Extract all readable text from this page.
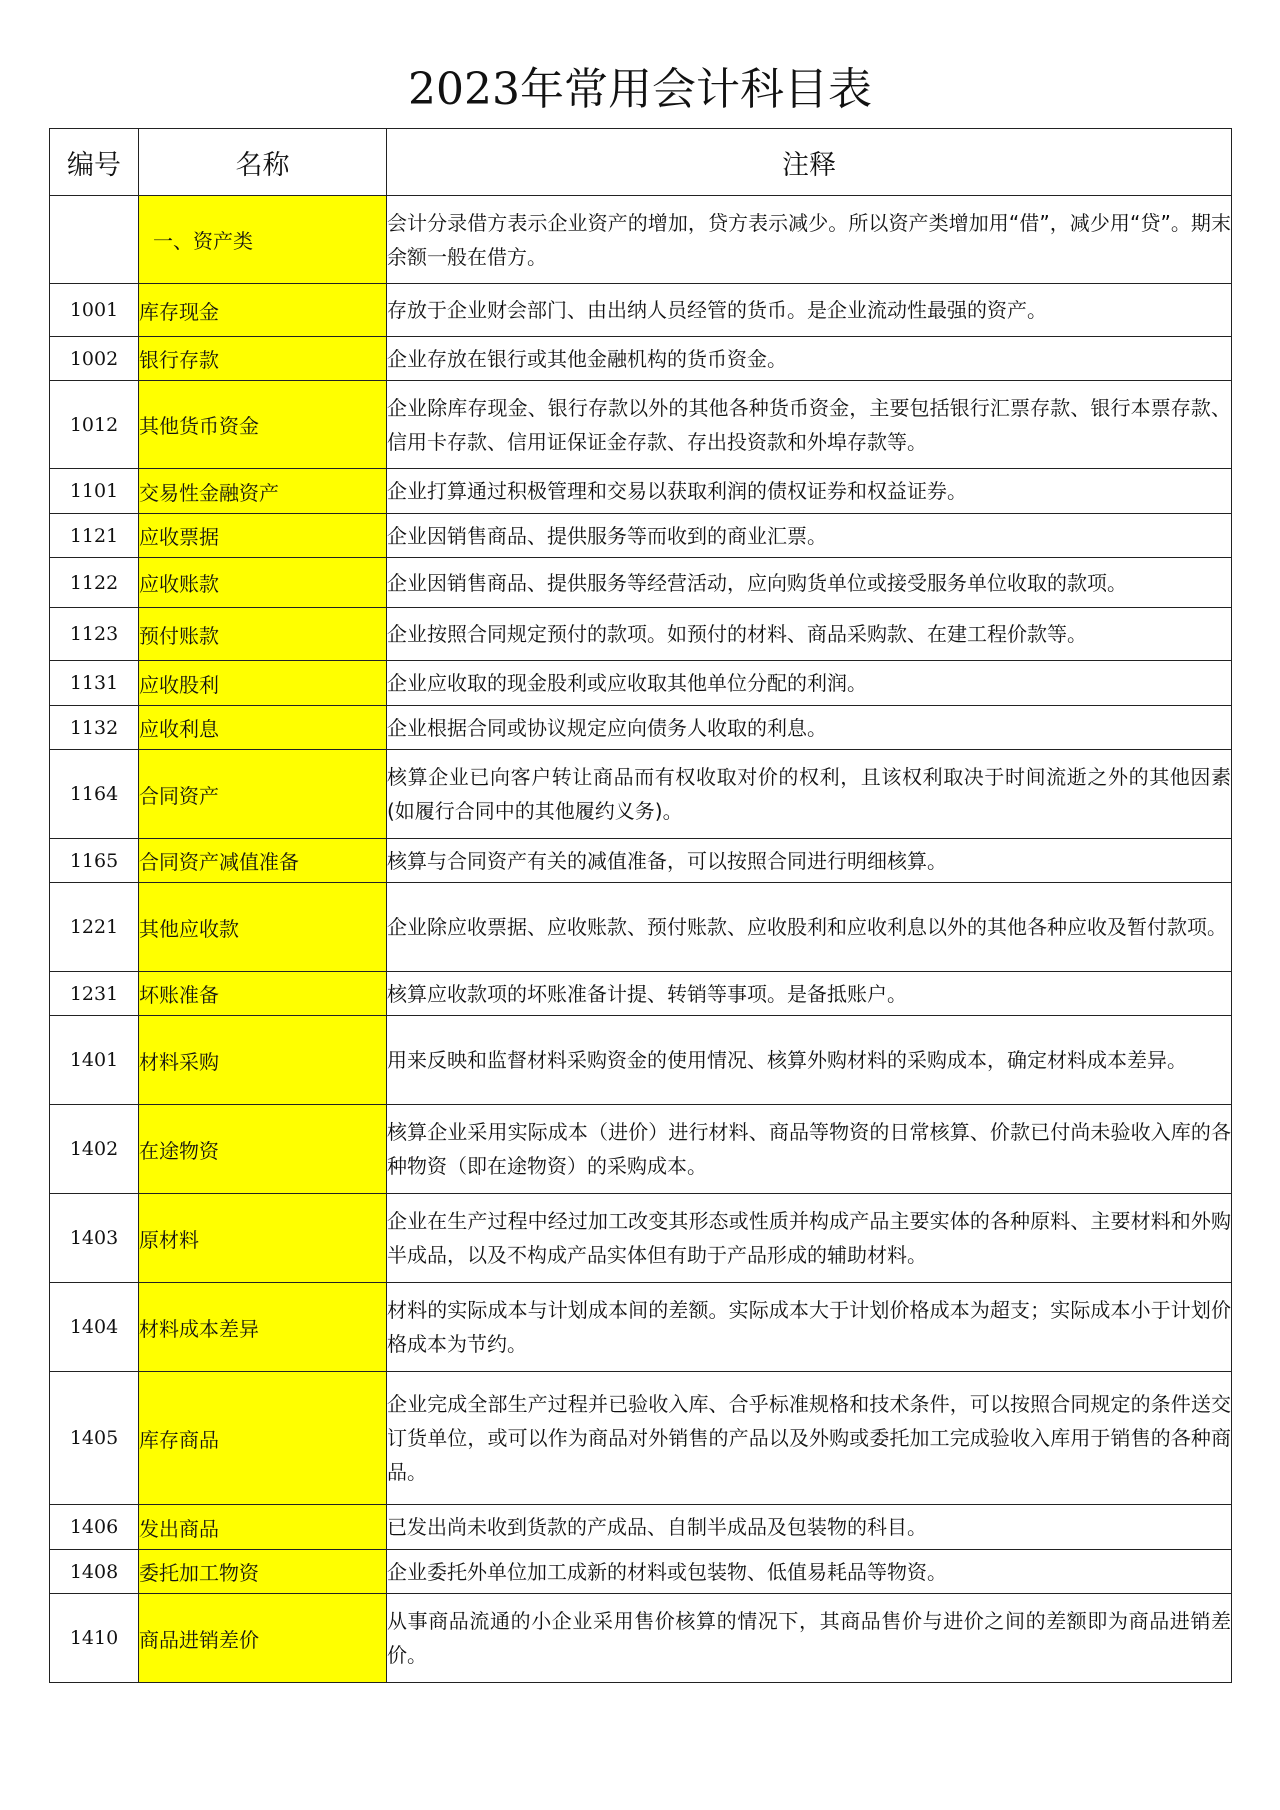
2023年常用会计科目表
编号	名称	注释
	一、资产类	会计分录借方表示企业资产的增加，贷方表示减少。所以资产类增加用“借”，减少用“贷”。期末余额一般在借方。
1001	库存现金	存放于企业财会部门、由出纳人员经管的货币。是企业流动性最强的资产。
1002	银行存款	企业存放在银行或其他金融机构的货币资金。
1012	其他货币资金	企业除库存现金、银行存款以外的其他各种货币资金，主要包括银行汇票存款、银行本票存款、信用卡存款、信用证保证金存款、存出投资款和外埠存款等。
1101	交易性金融资产	企业打算通过积极管理和交易以获取利润的债权证券和权益证券。
1121	应收票据	企业因销售商品、提供服务等而收到的商业汇票。
1122	应收账款	企业因销售商品、提供服务等经营活动，应向购货单位或接受服务单位收取的款项。
1123	预付账款	企业按照合同规定预付的款项。如预付的材料、商品采购款、在建工程价款等。
1131	应收股利	企业应收取的现金股利或应收取其他单位分配的利润。
1132	应收利息	企业根据合同或协议规定应向债务人收取的利息。
1164	合同资产	核算企业已向客户转让商品而有权收取对价的权利，且该权利取决于时间流逝之外的其他因素(如履行合同中的其他履约义务)。
1165	合同资产减值准备	核算与合同资产有关的减值准备，可以按照合同进行明细核算。
1221	其他应收款	企业除应收票据、应收账款、预付账款、应收股利和应收利息以外的其他各种应收及暂付款项。
1231	坏账准备	核算应收款项的坏账准备计提、转销等事项。是备抵账户。
1401	材料采购	用来反映和监督材料采购资金的使用情况、核算外购材料的采购成本，确定材料成本差异。
1402	在途物资	核算企业采用实际成本（进价）进行材料、商品等物资的日常核算、价款已付尚未验收入库的各种物资（即在途物资）的采购成本。
1403	原材料	企业在生产过程中经过加工改变其形态或性质并构成产品主要实体的各种原料、主要材料和外购半成品，以及不构成产品实体但有助于产品形成的辅助材料。
1404	材料成本差异	材料的实际成本与计划成本间的差额。实际成本大于计划价格成本为超支；实际成本小于计划价格成本为节约。
1405	库存商品	企业完成全部生产过程并已验收入库、合乎标准规格和技术条件，可以按照合同规定的条件送交订货单位，或可以作为商品对外销售的产品以及外购或委托加工完成验收入库用于销售的各种商品。
1406	发出商品	已发出尚未收到货款的产成品、自制半成品及包装物的科目。
1408	委托加工物资	企业委托外单位加工成新的材料或包装物、低值易耗品等物资。
1410	商品进销差价	从事商品流通的小企业采用售价核算的情况下，其商品售价与进价之间的差额即为商品进销差价。
